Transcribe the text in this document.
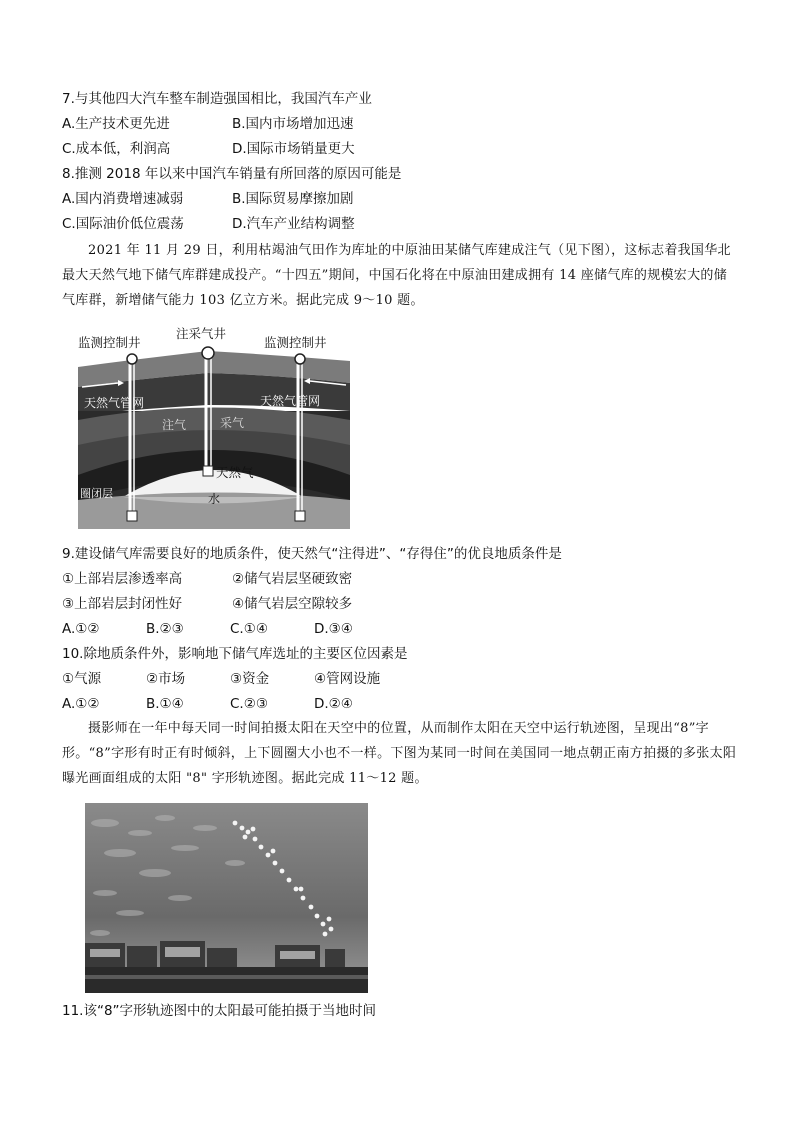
7.与其他四大汽车整车制造强国相比，我国汽车产业
A.生产技术更先进	B.国内市场增加迅速
C.成本低，利润高	D.国际市场销量更大
8.推测 2018 年以来中国汽车销量有所回落的原因可能是
A.国内消费增速减弱	B.国际贸易摩擦加剧
C.国际油价低位震荡	D.汽车产业结构调整
2021 年 11 月 29 日，利用枯竭油气田作为库址的中原油田某储气库建成注气（见下图），这标志着我国华北最大天然气地下储气库群建成投产。“十四五”期间，中国石化将在中原油田建成拥有 14 座储气库的规模宏大的储气库群，新增储气能力 103 亿立方米。据此完成 9～10 题。
监测控制井
注采气井
监测控制井
天然气管网	天然气管网
注气	采气
天然气
圈闭层	水
9.建设储气库需要良好的地质条件，使天然气“注得进”、“存得住”的优良地质条件是
①上部岩层渗透率高	②储气岩层坚硬致密
③上部岩层封闭性好	④储气岩层空隙较多
A.①②	B.②③	C.①④	D.③④
10.除地质条件外，影响地下储气库选址的主要区位因素是
①气源	②市场	③资金	④管网设施
A.①②	B.①④	C.②③	D.②④
摄影师在一年中每天同一时间拍摄太阳在天空中的位置，从而制作太阳在天空中运行轨迹图，呈现出“8”字形。“8”字形有时正有时倾斜，上下圆圈大小也不一样。下图为某同一时间在美国同一地点朝正南方拍摄的多张太阳曝光画面组成的太阳 "8" 字形轨迹图。据此完成 11～12 题。
11.该“8”字形轨迹图中的太阳最可能拍摄于当地时间
